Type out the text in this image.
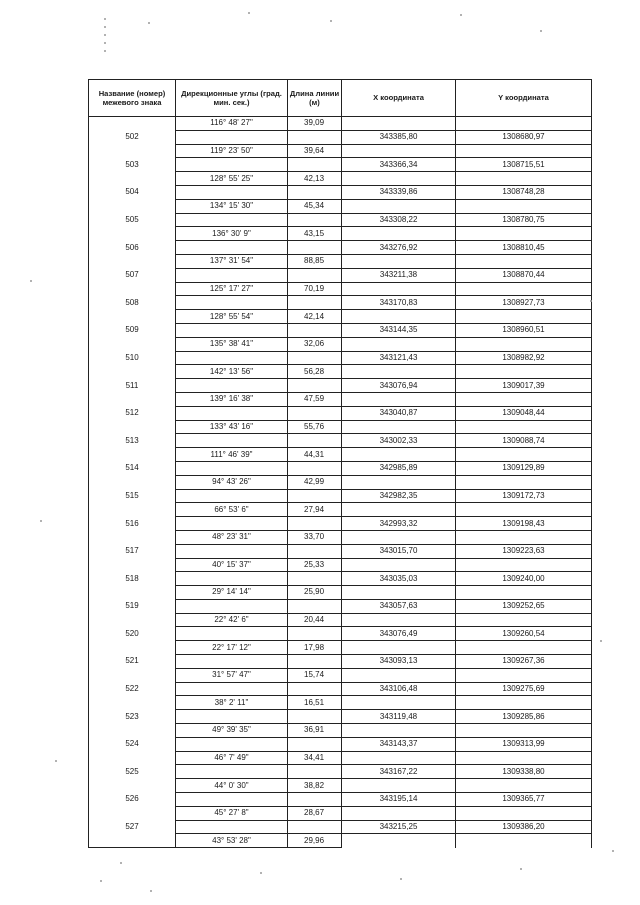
Название (номер) межевого знака	Дирекционные углы (град. мин. сек.)	Длина линии (м)	X координата	Y координата
	116° 48' 27"	39,09		
502			343385,80	1308680,97
	119° 23' 50"	39,64		
503			343366,34	1308715,51
	128° 55' 25"	42,13		
504			343339,86	1308748,28
	134° 15' 30"	45,34		
505			343308,22	1308780,75
	136° 30' 9"	43,15		
506			343276,92	1308810,45
	137° 31' 54"	88,85		
507			343211,38	1308870,44
	125° 17' 27"	70,19		
508			343170,83	1308927,73
	128° 55' 54"	42,14		
509			343144,35	1308960,51
	135° 38' 41"	32,06		
510			343121,43	1308982,92
	142° 13' 56"	56,28		
511			343076,94	1309017,39
	139° 16' 38"	47,59		
512			343040,87	1309048,44
	133° 43' 16"	55,76		
513			343002,33	1309088,74
	111° 46' 39"	44,31		
514			342985,89	1309129,89
	94° 43' 26"	42,99		
515			342982,35	1309172,73
	66° 53' 6"	27,94		
516			342993,32	1309198,43
	48° 23' 31"	33,70		
517			343015,70	1309223,63
	40° 15' 37"	25,33		
518			343035,03	1309240,00
	29° 14' 14"	25,90		
519			343057,63	1309252,65
	22° 42' 6"	20,44		
520			343076,49	1309260,54
	22° 17' 12"	17,98		
521			343093,13	1309267,36
	31° 57' 47"	15,74		
522			343106,48	1309275,69
	38° 2' 11"	16,51		
523			343119,48	1309285,86
	49° 39' 35"	36,91		
524			343143,37	1309313,99
	46° 7' 49"	34,41		
525			343167,22	1309338,80
	44° 0' 30"	38,82		
526			343195,14	1309365,77
	45° 27' 8"	28,67		
527			343215,25	1309386,20
	43° 53' 28"	29,96		
